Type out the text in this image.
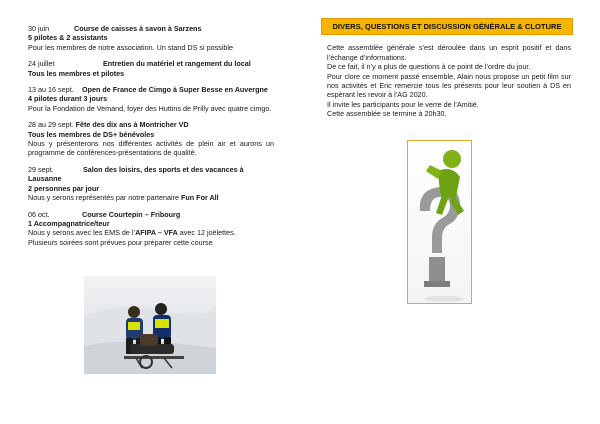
30 juin	Course de caisses à savon à Sarzens

5 pilotes & 2 assistants

Pour les membres de notre association. Un stand DS si possible

24 juillet	Entretien du matériel et rangement du local

Tous les membres et pilotes

13 au 16 sept. Open de France de Cimgo à Super Besse en Auvergne

4 pilotes durant 3 jours

Pour la Fondation de Vemand, foyer des Huttins de Prilly avec quatre cimgo.

28 au 29 sept. Fête des dix ans à Montricher VD

Tous les membres de DS+ bénévoles

Nous y présenterons nos différentes activités de plein air et aurons un programme de conférences-présentations de qualité.

29 sept.	Salon des loisirs, des sports et des vacances à Lausanne

2 personnes par jour

Nous y serons représentés par notre partenaire Fun For All

06 oct.	Course Courtepin – Fribourg

1 Accompagnatrice/teur

Nous y serons avec les EMS de l’AFIPA – VFA avec 12 joëlettes.

Plusieurs soirées sont prévues pour préparer cette course

DIVERS, QUESTIONS ET DISCUSSION GÉNÉRALE & CLOTURE

Cette assemblée générale s’est déroulée dans un esprit positif et dans l’échange d’informations.

De ce fait, il n’y a plus de questions à ce point de l’ordre du jour.

Pour clore ce moment passé ensemble, Alain nous propose un petit film sur nos activités et Eric remercie tous les présents pour leur soutien à DS en espérant les revoir à l’AG 2020.

Il invite les participants pour le verre de l’Amitié.

Cette assemblée se termine à 20h30.
